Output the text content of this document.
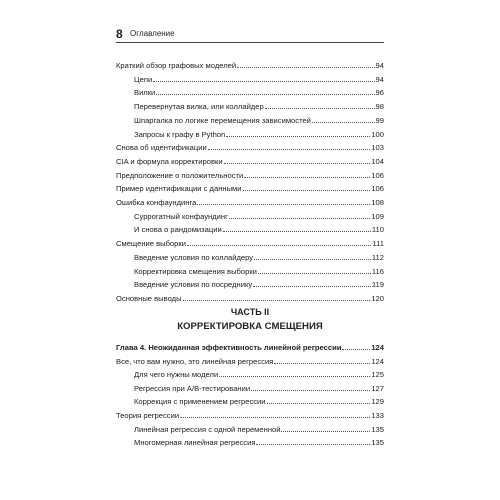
8 Оглавление
Краткий обзор графовых моделей	94
Цепи	94
Вилки	96
Перевернутая вилка, или коллайдер	98
Шпаргалка по логике перемещения зависимостей	99
Запросы к графу в Python	100
Снова об идентификации	103
CIA и формула корректировки	104
Предположение о положительности	106
Пример идентификации с данными	106
Ошибка конфаундинга	108
Суррогатный конфаундинг	109
И снова о рандомизации	110
Смещение выборки	111
Введение условия по коллайдеру	112
Корректировка смещения выборки	116
Введение условия по посреднику	119
Основные выводы	120
ЧАСТЬ II
КОРРЕКТИРОВКА СМЕЩЕНИЯ
Глава 4. Неожиданная эффективность линейной регрессии	124
Все, что вам нужно, это линейная регрессия	124
Для чего нужны модели	125
Регрессия при A/B-тестировании	127
Коррекция с применением регрессии	129
Теория регрессии	133
Линейная регрессия с одной переменной	135
Многомерная линейная регрессия	135
